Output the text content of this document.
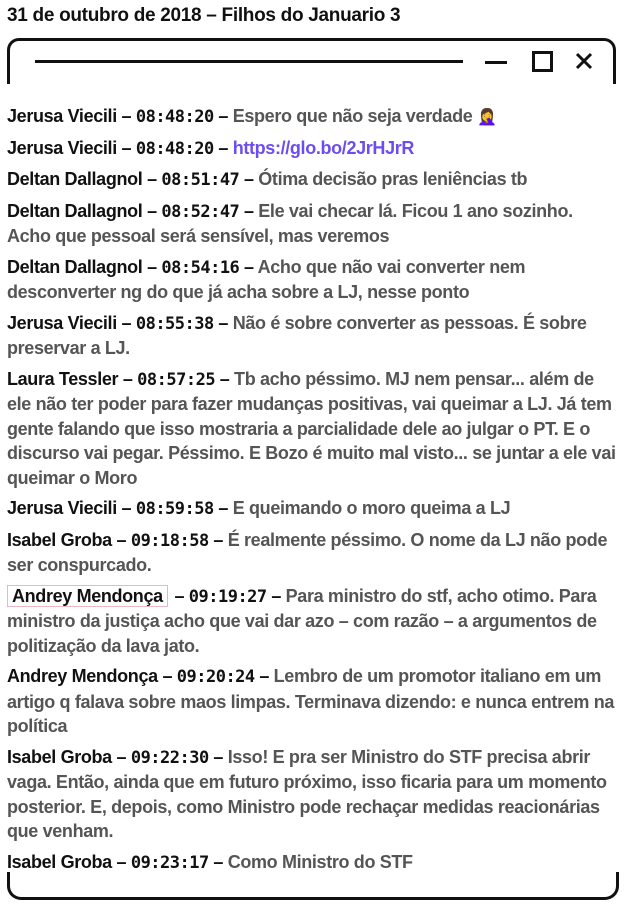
31 de outubro de 2018 – Filhos do Januario 3
Jerusa Viecili – 08:48:20 – Espero que não seja verdade 🤦‍♀️
Jerusa Viecili – 08:48:20 – https://glo.bo/2JrHJrR
Deltan Dallagnol – 08:51:47 – Ótima decisão pras leniências tb
Deltan Dallagnol – 08:52:47 – Ele vai checar lá. Ficou 1 ano sozinho. Acho que pessoal será sensível, mas veremos
Deltan Dallagnol – 08:54:16 – Acho que não vai converter nem desconverter ng do que já acha sobre a LJ, nesse ponto
Jerusa Viecili – 08:55:38 – Não é sobre converter as pessoas. É sobre preservar a LJ.
Laura Tessler – 08:57:25 – Tb acho péssimo. MJ nem pensar... além de ele não ter poder para fazer mudanças positivas, vai queimar a LJ. Já tem gente falando que isso mostraria a parcialidade dele ao julgar o PT. E o discurso vai pegar. Péssimo. E Bozo é muito mal visto... se juntar a ele vai queimar o Moro
Jerusa Viecili – 08:59:58 – E queimando o moro queima a LJ
Isabel Groba – 09:18:58 – É realmente péssimo. O nome da LJ não pode ser conspurcado.
Andrey Mendonça – 09:19:27 – Para ministro do stf, acho otimo. Para ministro da justiça acho que vai dar azo – com razão – a argumentos de politização da lava jato.
Andrey Mendonça – 09:20:24 – Lembro de um promotor italiano em um artigo q falava sobre maos limpas. Terminava dizendo: e nunca entrem na política
Isabel Groba – 09:22:30 – Isso! E pra ser Ministro do STF precisa abrir vaga. Então, ainda que em futuro próximo, isso ficaria para um momento posterior. E, depois, como Ministro pode rechaçar medidas reacionárias que venham.
Isabel Groba – 09:23:17 – Como Ministro do STF
